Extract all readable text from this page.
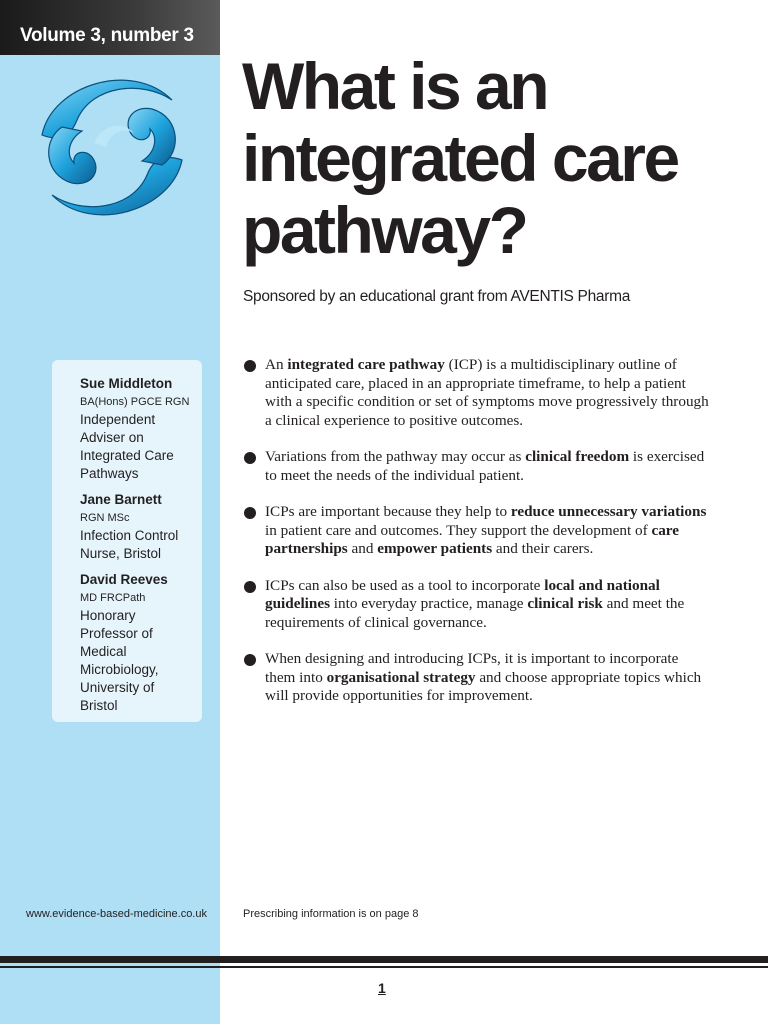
Volume 3, number 3
Sue Middleton
BA(Hons) PGCE RGN
Independent
Adviser on
Integrated Care
Pathways
Jane Barnett
RGN MSc
Infection Control
Nurse, Bristol
David Reeves
MD FRCPath
Honorary
Professor of
Medical
Microbiology,
University of
Bristol
www.evidence-based-medicine.co.uk
What is an
integrated care
pathway?
Sponsored by an educational grant from AVENTIS Pharma
An integrated care pathway (ICP) is a multidisciplinary outline of anticipated care, placed in an appropriate timeframe, to help a patient with a specific condition or set of symptoms move progressively through a clinical experience to positive outcomes.
Variations from the pathway may occur as clinical freedom is exercised to meet the needs of the individual patient.
ICPs are important because they help to reduce unnecessary variations in patient care and outcomes. They support the development of care partnerships and empower patients and their carers.
ICPs can also be used as a tool to incorporate local and national guidelines into everyday practice, manage clinical risk and meet the requirements of clinical governance.
When designing and introducing ICPs, it is important to incorporate them into organisational strategy and choose appropriate topics which will provide opportunities for improvement.
Prescribing information is on page 8
1
